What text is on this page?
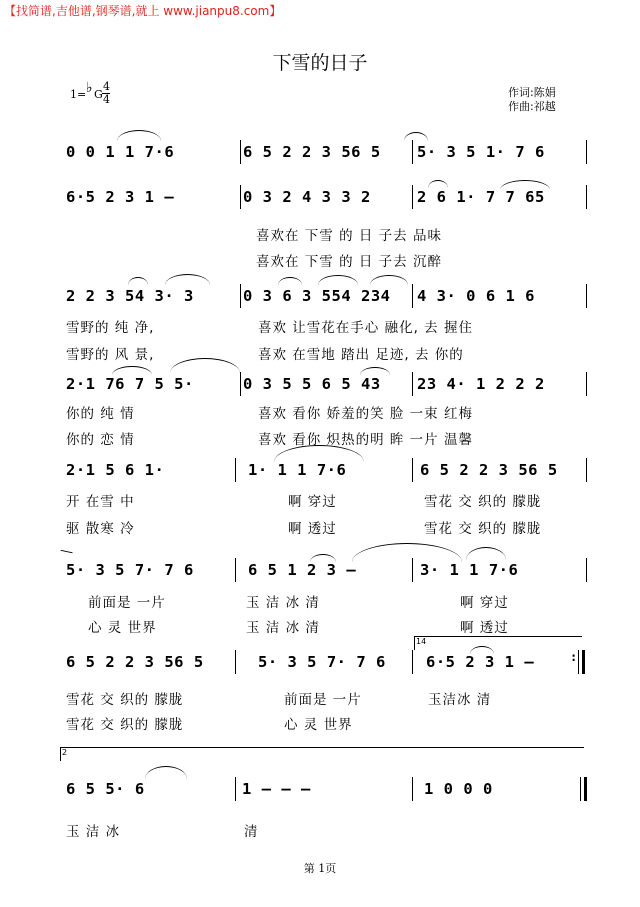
【找简谱,吉他谱,钢琴谱,就上 www.jianpu8.com】
下雪的日子
1= ♭ G
4
4
作词:陈娟
作曲:祁越
0 0 1 1 7·6	6 5 2 2 3 56 5 5· 3 5 1· 7 6
6·5 2 3 1 –	0 3 2 4 3 3 2	2 6 1· 7 7 65
喜欢在 下雪 的 日 子去 品味
喜欢在 下雪 的 日 子去 沉醉
2 2 3 54 3· 3	0 3 6 3 554 234 4 3· 0 6 1 6
雪野的 纯 净,	喜欢 让雪花在手心 融化, 去 握住
雪野的 风 景,	喜欢 在雪地 踏出 足迹, 去 你的
2·1 76 7 5 5·	0 3 5 5 6 5 43 23 4· 1 2 2 2
你的 纯 情	喜欢 看你 娇羞的笑 脸 一束 红梅
你的 恋 情	喜欢 看你 炽热的明 眸 一片 温馨
2·1 5 6 1·	1· 1 1 7·6	6 5 2 2 3 56 5
开 在雪 中	啊 穿过	雪花 交 织的 朦胧
驱 散寒 冷	啊 透过	雪花 交 织的 朦胧
5· 3 5 7· 7 6	6 5 1 2 3 –	3· 1 1 7·6
前面是 一片	玉 洁 冰 清	啊 穿过
心 灵 世界	玉 洁 冰 清	啊 透过
14
6 5 2 2 3 56 5	5· 3 5 7· 7 6	6·5 2 3 1 –	:
雪花 交 织的 朦胧	前面是 一片	玉洁冰 清
雪花 交 织的 朦胧	心 灵 世界
2
6 5 5· 6	1 – – –	1 0 0 0
玉 洁 冰	清
第 1页
